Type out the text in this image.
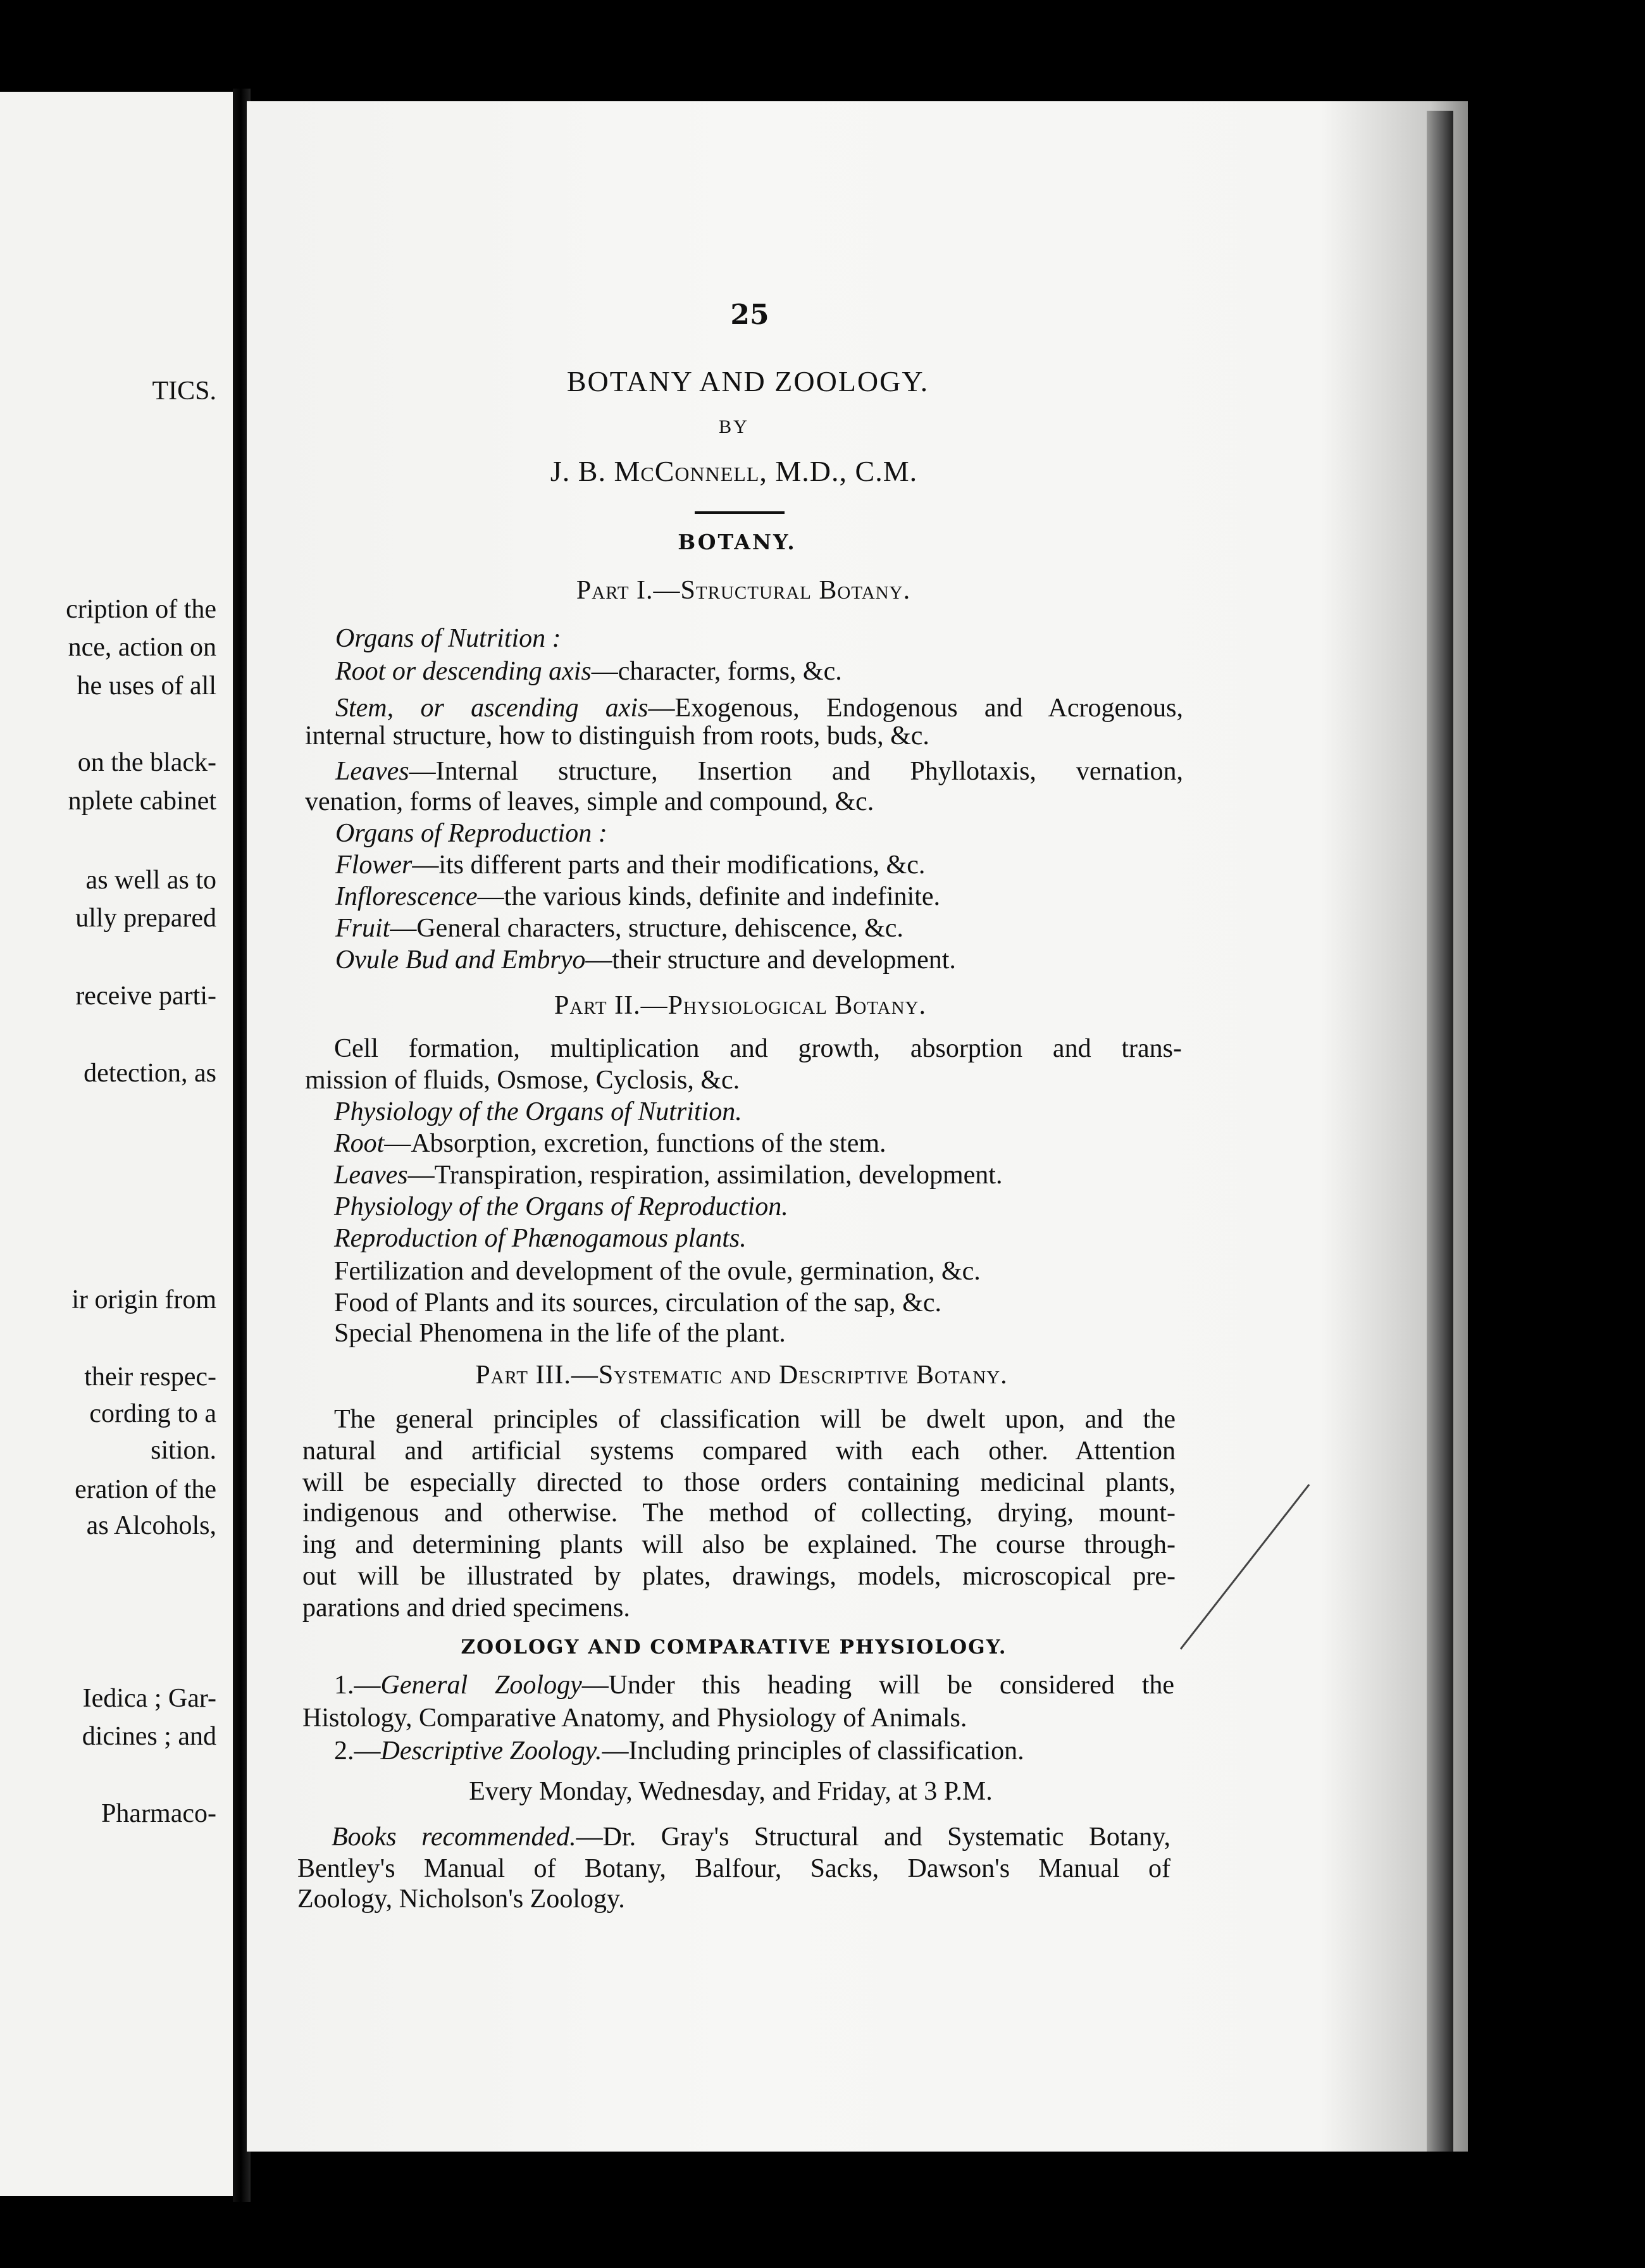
TICS.
cription of the
nce, action on
he uses of all
on the black-
nplete cabinet
as well as to
ully prepared
receive parti-
detection, as
ir origin from
their respec-
cording to a
sition.
eration of the
as Alcohols,
Iedica ; Gar-
dicines ; and
Pharmaco-
25
BOTANY AND ZOOLOGY.
BY
J. B. McConnell, M.D., C.M.
BOTANY.
Part I.—Structural Botany.
Organs of Nutrition :
Root or descending axis—character, forms, &c.
Stem, or ascending axis—Exogenous, Endogenous and Acrogenous,
internal structure, how to distinguish from roots, buds, &c.
Leaves—Internal structure, Insertion and Phyllotaxis, vernation,
venation, forms of leaves, simple and compound, &c.
Organs of Reproduction :
Flower—its different parts and their modifications, &c.
Inflorescence—the various kinds, definite and indefinite.
Fruit—General characters, structure, dehiscence, &c.
Ovule Bud and Embryo—their structure and development.
Part II.—Physiological Botany.
Cell formation, multiplication and growth, absorption and trans-
mission of fluids, Osmose, Cyclosis, &c.
Physiology of the Organs of Nutrition.
Root—Absorption, excretion, functions of the stem.
Leaves—Transpiration, respiration, assimilation, development.
Physiology of the Organs of Reproduction.
Reproduction of Phænogamous plants.
Fertilization and development of the ovule, germination, &c.
Food of Plants and its sources, circulation of the sap, &c.
Special Phenomena in the life of the plant.
Part III.—Systematic and Descriptive Botany.
The general principles of classification will be dwelt upon, and the
natural and artificial systems compared with each other. Attention
will be especially directed to those orders containing medicinal plants,
indigenous and otherwise. The method of collecting, drying, mount-
ing and determining plants will also be explained. The course through-
out will be illustrated by plates, drawings, models, microscopical pre-
parations and dried specimens.
ZOOLOGY AND COMPARATIVE PHYSIOLOGY.
1.—General Zoology—Under this heading will be considered the
Histology, Comparative Anatomy, and Physiology of Animals.
2.—Descriptive Zoology.—Including principles of classification.
Every Monday, Wednesday, and Friday, at 3 P.M.
Books recommended.—Dr. Gray's Structural and Systematic Botany,
Bentley's Manual of Botany, Balfour, Sacks, Dawson's Manual of
Zoology, Nicholson's Zoology.
